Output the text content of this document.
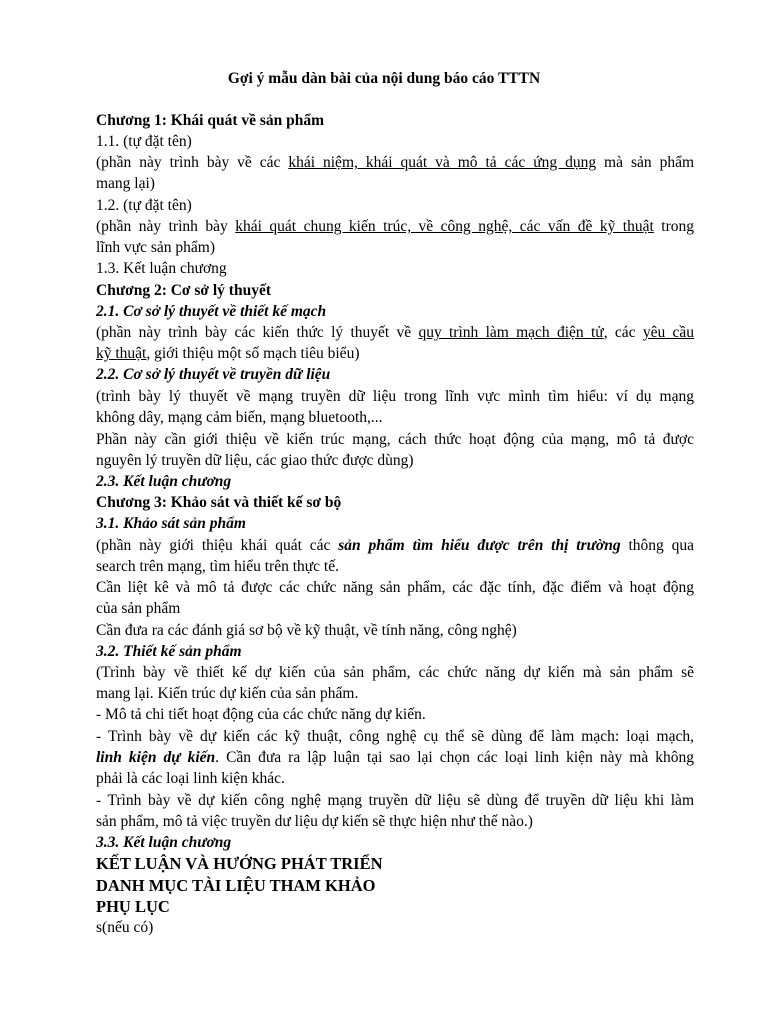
Gợi ý mẫu dàn bài của nội dung báo cáo TTTN
Chương 1: Khái quát về sản phẩm
1.1. (tự đặt tên)
(phần này trình bày về các khái niệm, khái quát và mô tả các ứng dụng mà sản phẩm
mang lại)
1.2. (tự đặt tên)
(phần này trình bày khái quát chung kiến trúc, về công nghệ, các vấn đề kỹ thuật trong
lĩnh vực sản phẩm)
1.3. Kết luận chương
Chương 2: Cơ sở lý thuyết
2.1. Cơ sở lý thuyết về thiết kế mạch
(phần này trình bày các kiến thức lý thuyết về quy trình làm mạch điện tử, các yêu cầu
kỹ thuật, giới thiệu một số mạch tiêu biểu)
2.2. Cơ sở lý thuyết về truyền dữ liệu
(trình bày lý thuyết về mạng truyền dữ liệu trong lĩnh vực mình tìm hiểu: ví dụ mạng
không dây, mạng cảm biến, mạng bluetooth,...
Phần này cần giới thiệu về kiến trúc mạng, cách thức hoạt động của mạng, mô tả được
nguyên lý truyền dữ liệu, các giao thức được dùng)
2.3. Kết luận chương
Chương 3: Khảo sát và thiết kế sơ bộ
3.1. Khảo sát sản phẩm
(phần này giới thiệu khái quát các sản phẩm tìm hiểu được trên thị trường thông qua
search trên mạng, tìm hiểu trên thực tế.
Cần liệt kê và mô tả được các chức năng sản phẩm, các đặc tính, đặc điểm và hoạt động
của sản phẩm
Cần đưa ra các đánh giá sơ bộ về kỹ thuật, về tính năng, công nghệ)
3.2. Thiết kế sản phẩm
(Trình bày về thiết kế dự kiến của sản phẩm, các chức năng dự kiến mà sản phẩm sẽ
mang lại. Kiến trúc dự kiến của sản phẩm.
- Mô tả chi tiết hoạt động của các chức năng dự kiến.
- Trình bày về dự kiến các kỹ thuật, công nghệ cụ thể sẽ dùng để làm mạch: loại mạch,
linh kiện dự kiến. Cần đưa ra lập luận tại sao lại chọn các loại linh kiện này mà không
phải là các loại linh kiện khác.
- Trình bày về dự kiến công nghệ mạng truyền dữ liệu sẽ dùng để truyền dữ liệu khi làm
sản phẩm, mô tả việc truyền dư liệu dự kiến sẽ thực hiện như thế nào.)
3.3. Kết luận chương
KẾT LUẬN VÀ HƯỚNG PHÁT TRIỂN
DANH MỤC TÀI LIỆU THAM KHẢO
PHỤ LỤC
s(nếu có)
